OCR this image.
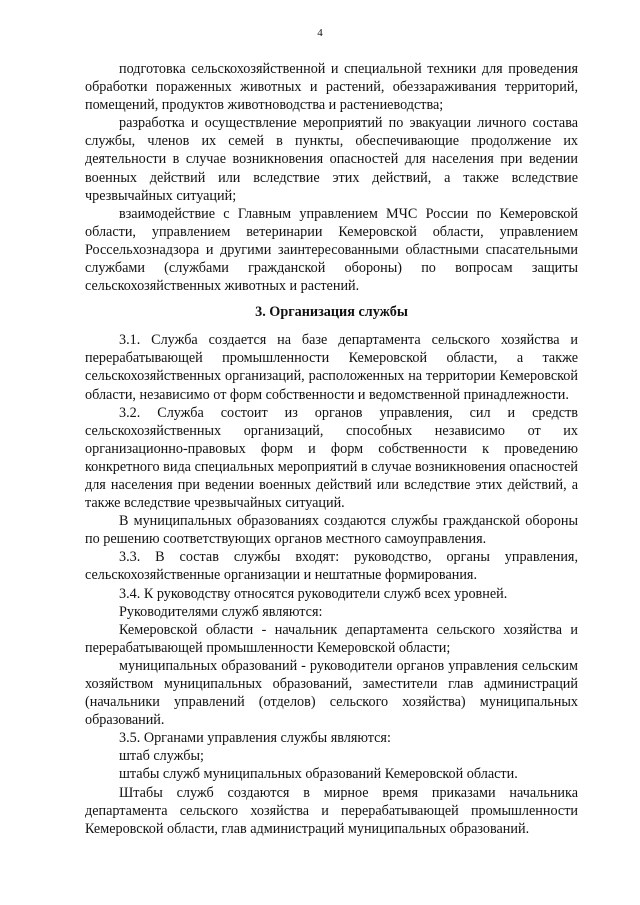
4

подготовка сельскохозяйственной и специальной техники для проведения обработки пораженных животных и растений, обеззараживания территорий, помещений, продуктов животноводства и растениеводства;

разработка и осуществление мероприятий по эвакуации личного состава службы, членов их семей в пункты, обеспечивающие продолжение их деятельности в случае возникновения опасностей для населения при ведении военных действий или вследствие этих действий, а также вследствие чрезвычайных ситуаций;

взаимодействие с Главным управлением МЧС России по Кемеровской области, управлением ветеринарии Кемеровской области, управлением Россельхознадзора и другими заинтересованными областными спасательными службами (службами гражданской обороны) по вопросам защиты сельскохозяйственных животных и растений.

3. Организация службы

3.1. Служба создается на базе департамента сельского хозяйства и перерабатывающей промышленности Кемеровской области, а также сельскохозяйственных организаций, расположенных на территории Кемеровской области, независимо от форм собственности и ведомственной принадлежности.

3.2. Служба состоит из органов управления, сил и средств сельскохозяйственных организаций, способных независимо от их организационно-правовых форм и форм собственности к проведению конкретного вида специальных мероприятий в случае возникновения опасностей для населения при ведении военных действий или вследствие этих действий, а также вследствие чрезвычайных ситуаций.

В муниципальных образованиях создаются службы гражданской обороны по решению соответствующих органов местного самоуправления.

3.3. В состав службы входят: руководство, органы управления, сельскохозяйственные организации и нештатные формирования.

3.4. К руководству относятся руководители служб всех уровней.

Руководителями служб являются:

Кемеровской области - начальник департамента сельского хозяйства и перерабатывающей промышленности Кемеровской области;

муниципальных образований - руководители органов управления сельским хозяйством муниципальных образований, заместители глав администраций (начальники управлений (отделов) сельского хозяйства) муниципальных образований.

3.5. Органами управления службы являются:

штаб службы;

штабы служб муниципальных образований Кемеровской области.

Штабы служб создаются в мирное время приказами начальника департамента сельского хозяйства и перерабатывающей промышленности Кемеровской области, глав администраций муниципальных образований.
